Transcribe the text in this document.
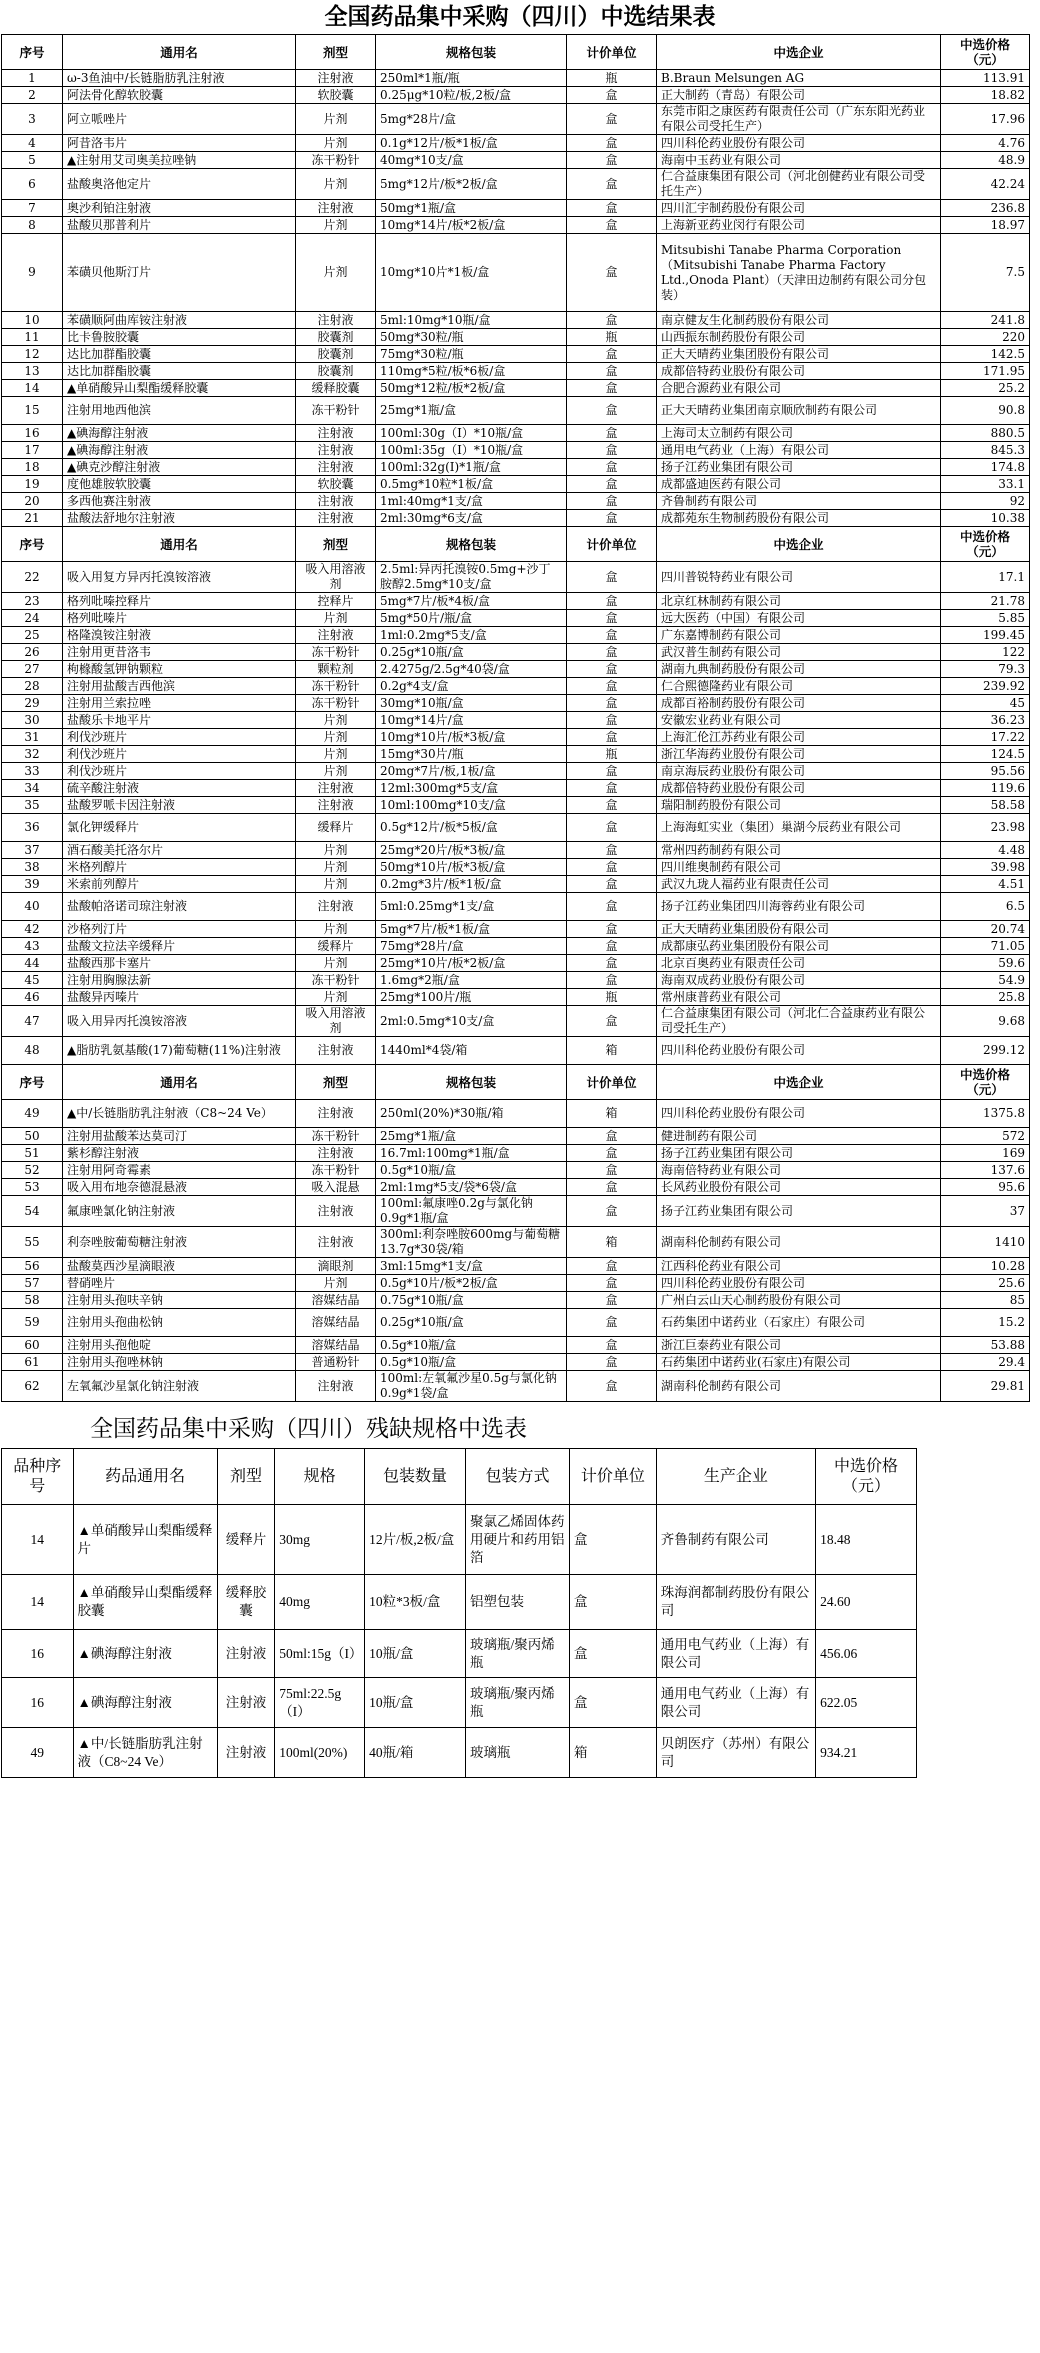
全国药品集中采购（四川）中选结果表
序号	通用名	剂型	规格包装	计价单位	中选企业	中选价格（元）
1	ω-3鱼油中/长链脂肪乳注射液	注射液	250ml*1瓶/瓶	瓶	B.Braun Melsungen AG	113.91
2	阿法骨化醇软胶囊	软胶囊	0.25μg*10粒/板,2板/盒	盒	正大制药（青岛）有限公司	18.82
3	阿立哌唑片	片剂	5mg*28片/盒	盒	东莞市阳之康医药有限责任公司（广东东阳光药业有限公司受托生产）	17.96
4	阿昔洛韦片	片剂	0.1g*12片/板*1板/盒	盒	四川科伦药业股份有限公司	4.76
5	▲注射用艾司奥美拉唑钠	冻干粉针	40mg*10支/盒	盒	海南中玉药业有限公司	48.9
6	盐酸奥洛他定片	片剂	5mg*12片/板*2板/盒	盒	仁合益康集团有限公司（河北创健药业有限公司受托生产）	42.24
7	奥沙利铂注射液	注射液	50mg*1瓶/盒	盒	四川汇宇制药股份有限公司	236.8
8	盐酸贝那普利片	片剂	10mg*14片/板*2板/盒	盒	上海新亚药业闵行有限公司	18.97
9	苯磺贝他斯汀片	片剂	10mg*10片*1板/盒	盒	Mitsubishi Tanabe Pharma Corporation（Mitsubishi Tanabe Pharma Factory Ltd.,Onoda Plant）（天津田边制药有限公司分包装）	7.5
10	苯磺顺阿曲库铵注射液	注射液	5ml:10mg*10瓶/盒	盒	南京健友生化制药股份有限公司	241.8
11	比卡鲁胺胶囊	胶囊剂	50mg*30粒/瓶	瓶	山西振东制药股份有限公司	220
12	达比加群酯胶囊	胶囊剂	75mg*30粒/瓶	盒	正大天晴药业集团股份有限公司	142.5
13	达比加群酯胶囊	胶囊剂	110mg*5粒/板*6板/盒	盒	成都倍特药业股份有限公司	171.95
14	▲单硝酸异山梨酯缓释胶囊	缓释胶囊	50mg*12粒/板*2板/盒	盒	合肥合源药业有限公司	25.2
15	注射用地西他滨	冻干粉针	25mg*1瓶/盒	盒	正大天晴药业集团南京顺欣制药有限公司	90.8
16	▲碘海醇注射液	注射液	100ml:30g（I）*10瓶/盒	盒	上海司太立制药有限公司	880.5
17	▲碘海醇注射液	注射液	100ml:35g（I）*10瓶/盒	盒	通用电气药业（上海）有限公司	845.3
18	▲碘克沙醇注射液	注射液	100ml:32g(I)*1瓶/盒	盒	扬子江药业集团有限公司	174.8
19	度他雄胺软胶囊	软胶囊	0.5mg*10粒*1板/盒	盒	成都盛迪医药有限公司	33.1
20	多西他赛注射液	注射液	1ml:40mg*1支/盒	盒	齐鲁制药有限公司	92
21	盐酸法舒地尔注射液	注射液	2ml:30mg*6支/盒	盒	成都苑东生物制药股份有限公司	10.38
序号	通用名	剂型	规格包装	计价单位	中选企业	中选价格（元）
22	吸入用复方异丙托溴铵溶液	吸入用溶液剂	2.5ml:异丙托溴铵0.5mg+沙丁胺醇2.5mg*10支/盒	盒	四川普锐特药业有限公司	17.1
23	格列吡嗪控释片	控释片	5mg*7片/板*4板/盒	盒	北京红林制药有限公司	21.78
24	格列吡嗪片	片剂	5mg*50片/瓶/盒	盒	远大医药（中国）有限公司	5.85
25	格隆溴铵注射液	注射液	1ml:0.2mg*5支/盒	盒	广东嘉博制药有限公司	199.45
26	注射用更昔洛韦	冻干粉针	0.25g*10瓶/盒	盒	武汉普生制药有限公司	122
27	枸橼酸氢钾钠颗粒	颗粒剂	2.4275g/2.5g*40袋/盒	盒	湖南九典制药股份有限公司	79.3
28	注射用盐酸吉西他滨	冻干粉针	0.2g*4支/盒	盒	仁合熙德隆药业有限公司	239.92
29	注射用兰索拉唑	冻干粉针	30mg*10瓶/盒	盒	成都百裕制药股份有限公司	45
30	盐酸乐卡地平片	片剂	10mg*14片/盒	盒	安徽宏业药业有限公司	36.23
31	利伐沙班片	片剂	10mg*10片/板*3板/盒	盒	上海汇伦江苏药业有限公司	17.22
32	利伐沙班片	片剂	15mg*30片/瓶	瓶	浙江华海药业股份有限公司	124.5
33	利伐沙班片	片剂	20mg*7片/板,1板/盒	盒	南京海辰药业股份有限公司	95.56
34	硫辛酸注射液	注射液	12ml:300mg*5支/盒	盒	成都倍特药业股份有限公司	119.6
35	盐酸罗哌卡因注射液	注射液	10ml:100mg*10支/盒	盒	瑞阳制药股份有限公司	58.58
36	氯化钾缓释片	缓释片	0.5g*12片/板*5板/盒	盒	上海海虹实业（集团）巢湖今辰药业有限公司	23.98
37	酒石酸美托洛尔片	片剂	25mg*20片/板*3板/盒	盒	常州四药制药有限公司	4.48
38	米格列醇片	片剂	50mg*10片/板*3板/盒	盒	四川维奥制药有限公司	39.98
39	米索前列醇片	片剂	0.2mg*3片/板*1板/盒	盒	武汉九珑人福药业有限责任公司	4.51
40	盐酸帕洛诺司琼注射液	注射液	5ml:0.25mg*1支/盒	盒	扬子江药业集团四川海蓉药业有限公司	6.5
42	沙格列汀片	片剂	5mg*7片/板*1板/盒	盒	正大天晴药业集团股份有限公司	20.74
43	盐酸文拉法辛缓释片	缓释片	75mg*28片/盒	盒	成都康弘药业集团股份有限公司	71.05
44	盐酸西那卡塞片	片剂	25mg*10片/板*2板/盒	盒	北京百奥药业有限责任公司	59.6
45	注射用胸腺法新	冻干粉针	1.6mg*2瓶/盒	盒	海南双成药业股份有限公司	54.9
46	盐酸异丙嗪片	片剂	25mg*100片/瓶	瓶	常州康普药业有限公司	25.8
47	吸入用异丙托溴铵溶液	吸入用溶液剂	2ml:0.5mg*10支/盒	盒	仁合益康集团有限公司（河北仁合益康药业有限公司受托生产）	9.68
48	▲脂肪乳氨基酸(17)葡萄糖(11%)注射液	注射液	1440ml*4袋/箱	箱	四川科伦药业股份有限公司	299.12
序号	通用名	剂型	规格包装	计价单位	中选企业	中选价格（元）
49	▲中/长链脂肪乳注射液（C8~24 Ve）	注射液	250ml(20%)*30瓶/箱	箱	四川科伦药业股份有限公司	1375.8
50	注射用盐酸苯达莫司汀	冻干粉针	25mg*1瓶/盒	盒	健进制药有限公司	572
51	紫杉醇注射液	注射液	16.7ml:100mg*1瓶/盒	盒	扬子江药业集团有限公司	169
52	注射用阿奇霉素	冻干粉针	0.5g*10瓶/盒	盒	海南倍特药业有限公司	137.6
53	吸入用布地奈德混悬液	吸入混悬	2ml:1mg*5支/袋*6袋/盒	盒	长风药业股份有限公司	95.6
54	氟康唑氯化钠注射液	注射液	100ml:氟康唑0.2g与氯化钠0.9g*1瓶/盒	盒	扬子江药业集团有限公司	37
55	利奈唑胺葡萄糖注射液	注射液	300ml:利奈唑胺600mg与葡萄糖13.7g*30袋/箱	箱	湖南科伦制药有限公司	1410
56	盐酸莫西沙星滴眼液	滴眼剂	3ml:15mg*1支/盒	盒	江西科伦药业有限公司	10.28
57	替硝唑片	片剂	0.5g*10片/板*2板/盒	盒	四川科伦药业股份有限公司	25.6
58	注射用头孢呋辛钠	溶媒结晶	0.75g*10瓶/盒	盒	广州白云山天心制药股份有限公司	85
59	注射用头孢曲松钠	溶媒结晶	0.25g*10瓶/盒	盒	石药集团中诺药业（石家庄）有限公司	15.2
60	注射用头孢他啶	溶媒结晶	0.5g*10瓶/盒	盒	浙江巨泰药业有限公司	53.88
61	注射用头孢唑林钠	普通粉针	0.5g*10瓶/盒	盒	石药集团中诺药业(石家庄)有限公司	29.4
62	左氧氟沙星氯化钠注射液	注射液	100ml:左氧氟沙星0.5g与氯化钠0.9g*1袋/盒	盒	湖南科伦制药有限公司	29.81
全国药品集中采购（四川）残缺规格中选表
品种序号	药品通用名	剂型	规格	包装数量	包装方式	计价单位	生产企业	中选价格（元）
14	▲单硝酸异山梨酯缓释片	缓释片	30mg	12片/板,2板/盒	聚氯乙烯固体药用硬片和药用铝箔	盒	齐鲁制药有限公司	18.48
14	▲单硝酸异山梨酯缓释胶囊	缓释胶囊	40mg	10粒*3板/盒	铝塑包装	盒	珠海润都制药股份有限公司	24.60
16	▲碘海醇注射液	注射液	50ml:15g（I）	10瓶/盒	玻璃瓶/聚丙烯瓶	盒	通用电气药业（上海）有限公司	456.06
16	▲碘海醇注射液	注射液	75ml:22.5g（I）	10瓶/盒	玻璃瓶/聚丙烯瓶	盒	通用电气药业（上海）有限公司	622.05
49	▲中/长链脂肪乳注射液（C8~24 Ve）	注射液	100ml(20%)	40瓶/箱	玻璃瓶	箱	贝朗医疗（苏州）有限公司	934.21
